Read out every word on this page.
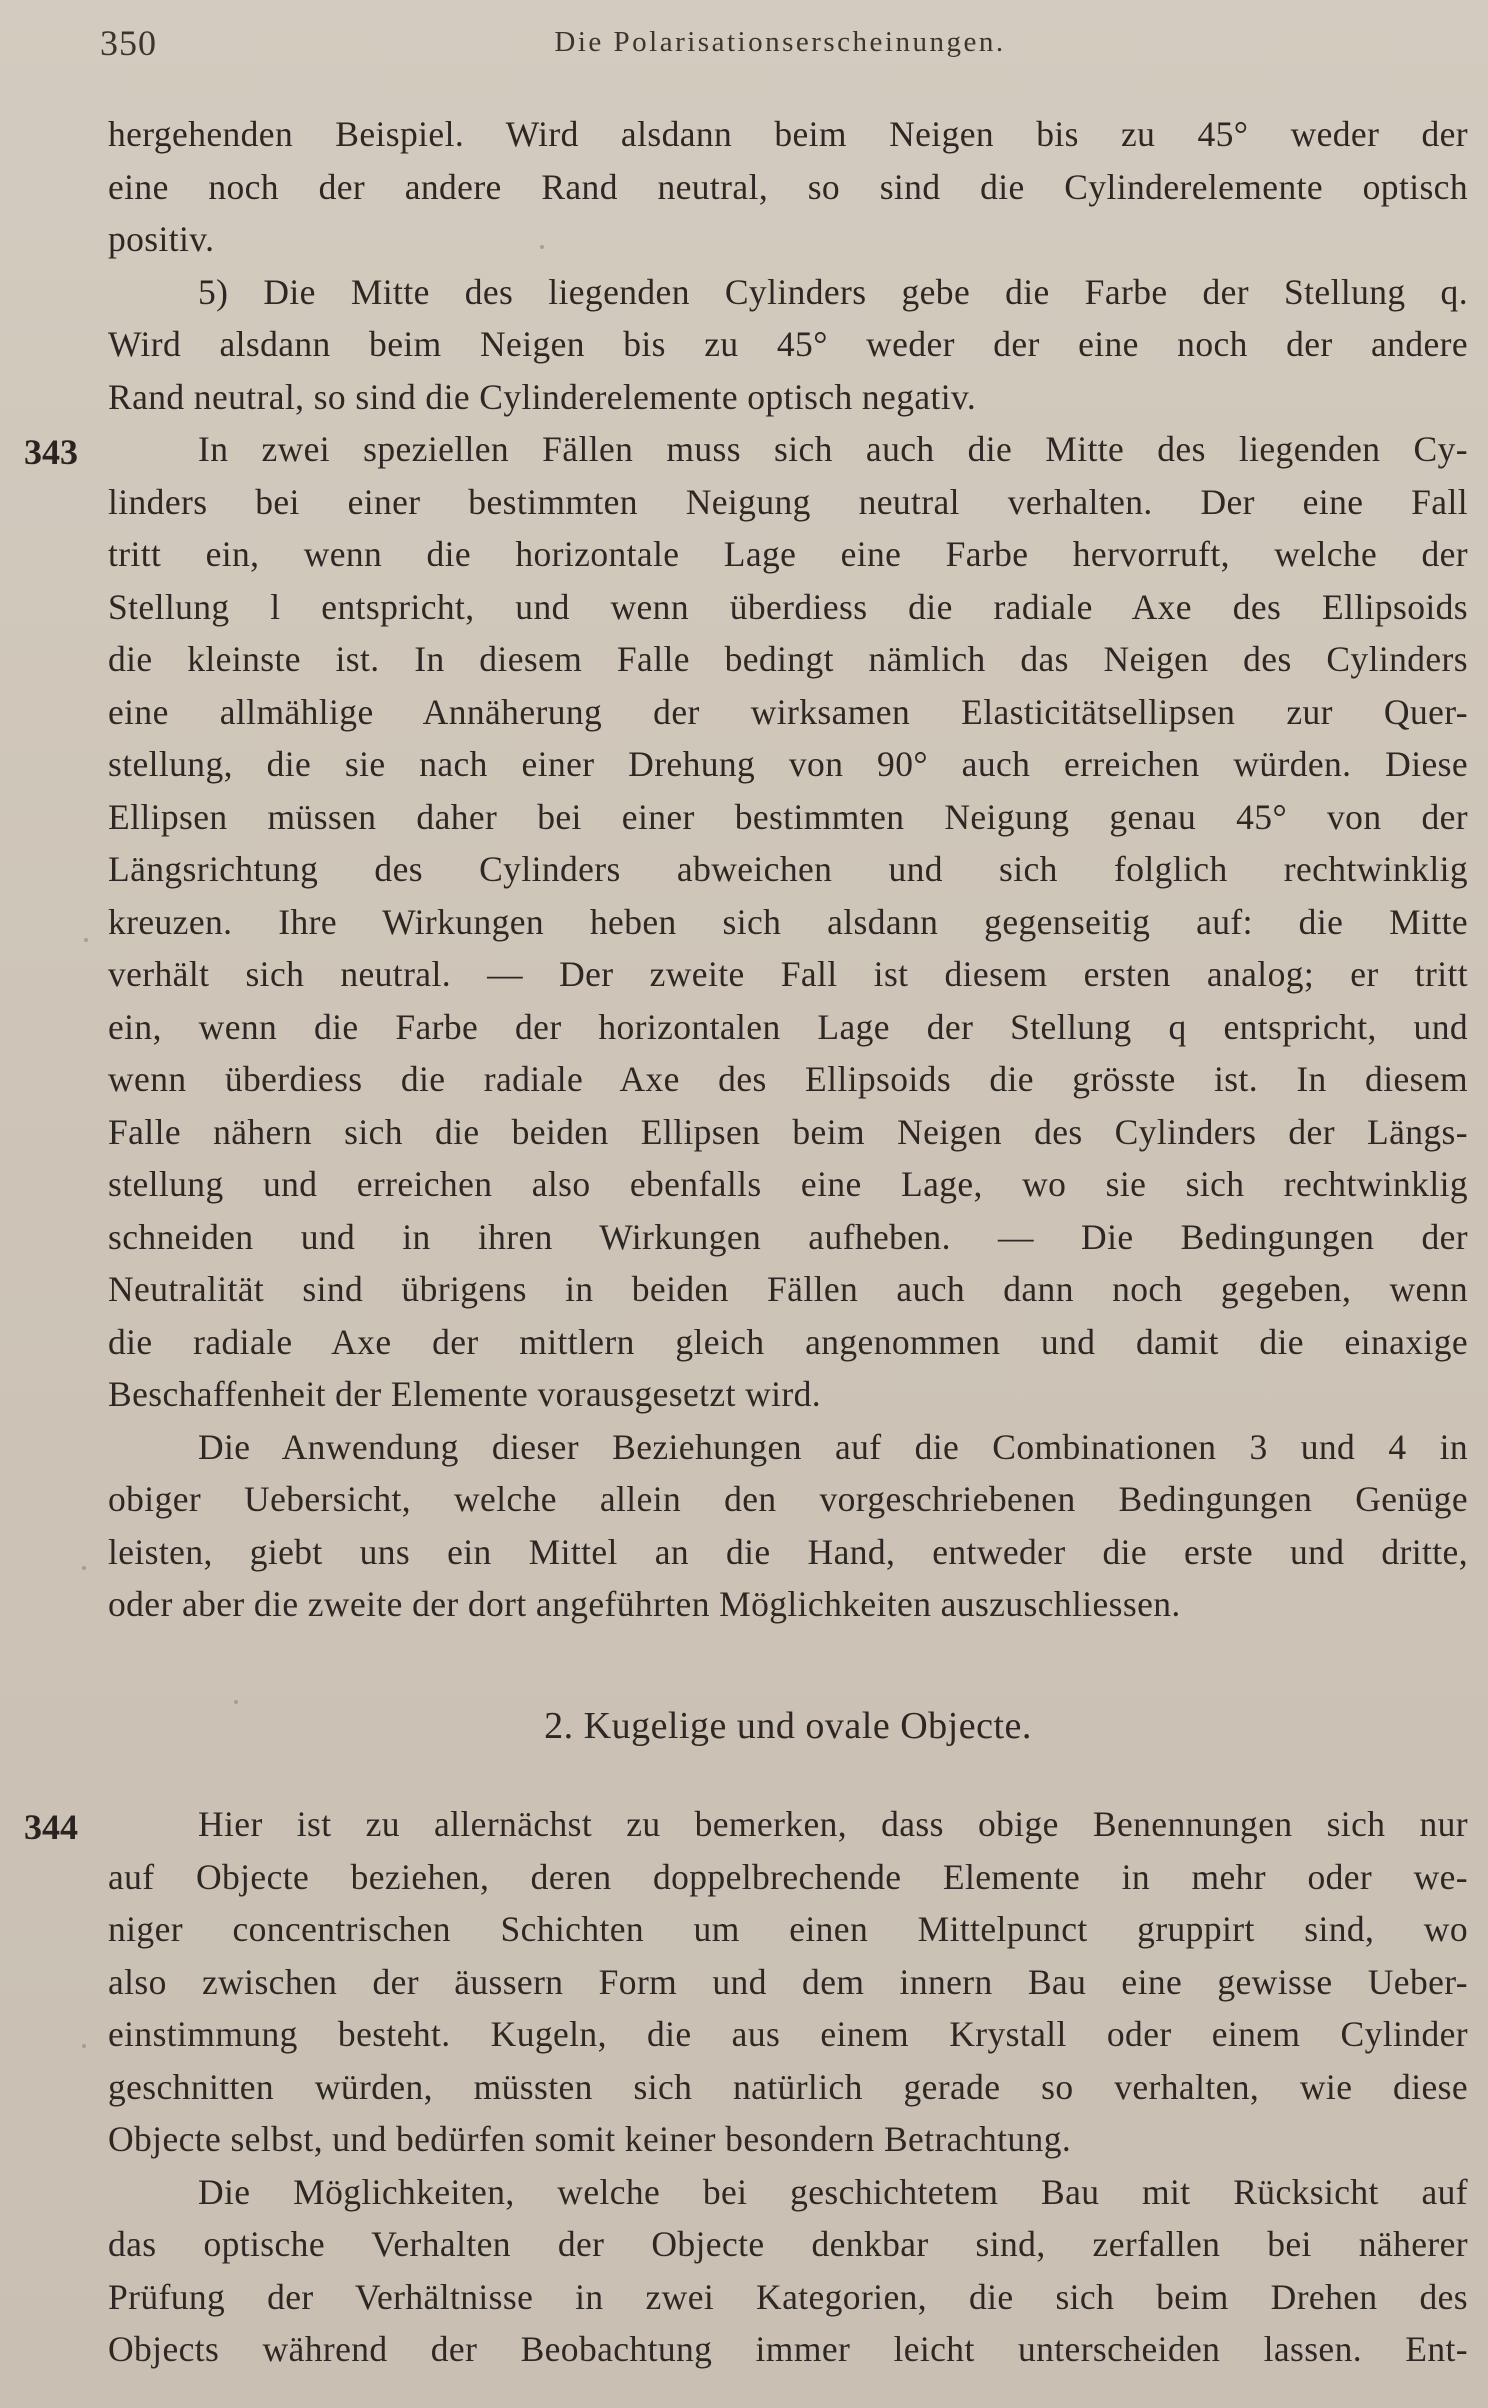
350	Die Polarisationserscheinungen.
hergehenden Beispiel. Wird alsdann beim Neigen bis zu 45° weder der
eine noch der andere Rand neutral, so sind die Cylinderelemente optisch
positiv.
5) Die Mitte des liegenden Cylinders gebe die Farbe der Stellung q.
Wird alsdann beim Neigen bis zu 45° weder der eine noch der andere
Rand neutral, so sind die Cylinderelemente optisch negativ.
343	In zwei speziellen Fällen muss sich auch die Mitte des liegenden Cy-
linders bei einer bestimmten Neigung neutral verhalten. Der eine Fall
tritt ein, wenn die horizontale Lage eine Farbe hervorruft, welche der
Stellung l entspricht, und wenn überdiess die radiale Axe des Ellipsoids
die kleinste ist. In diesem Falle bedingt nämlich das Neigen des Cylinders
eine allmählige Annäherung der wirksamen Elasticitätsellipsen zur Quer-
stellung, die sie nach einer Drehung von 90° auch erreichen würden. Diese
Ellipsen müssen daher bei einer bestimmten Neigung genau 45° von der
Längsrichtung des Cylinders abweichen und sich folglich rechtwinklig
kreuzen. Ihre Wirkungen heben sich alsdann gegenseitig auf: die Mitte
verhält sich neutral. — Der zweite Fall ist diesem ersten analog; er tritt
ein, wenn die Farbe der horizontalen Lage der Stellung q entspricht, und
wenn überdiess die radiale Axe des Ellipsoids die grösste ist. In diesem
Falle nähern sich die beiden Ellipsen beim Neigen des Cylinders der Längs-
stellung und erreichen also ebenfalls eine Lage, wo sie sich rechtwinklig
schneiden und in ihren Wirkungen aufheben. — Die Bedingungen der
Neutralität sind übrigens in beiden Fällen auch dann noch gegeben, wenn
die radiale Axe der mittlern gleich angenommen und damit die einaxige
Beschaffenheit der Elemente vorausgesetzt wird.
Die Anwendung dieser Beziehungen auf die Combinationen 3 und 4 in
obiger Uebersicht, welche allein den vorgeschriebenen Bedingungen Genüge
leisten, giebt uns ein Mittel an die Hand, entweder die erste und dritte,
oder aber die zweite der dort angeführten Möglichkeiten auszuschliessen.
2. Kugelige und ovale Objecte.
344	Hier ist zu allernächst zu bemerken, dass obige Benennungen sich nur
auf Objecte beziehen, deren doppelbrechende Elemente in mehr oder we-
niger concentrischen Schichten um einen Mittelpunct gruppirt sind, wo
also zwischen der äussern Form und dem innern Bau eine gewisse Ueber-
einstimmung besteht. Kugeln, die aus einem Krystall oder einem Cylinder
geschnitten würden, müssten sich natürlich gerade so verhalten, wie diese
Objecte selbst, und bedürfen somit keiner besondern Betrachtung.
Die Möglichkeiten, welche bei geschichtetem Bau mit Rücksicht auf
das optische Verhalten der Objecte denkbar sind, zerfallen bei näherer
Prüfung der Verhältnisse in zwei Kategorien, die sich beim Drehen des
Objects während der Beobachtung immer leicht unterscheiden lassen. Ent-
